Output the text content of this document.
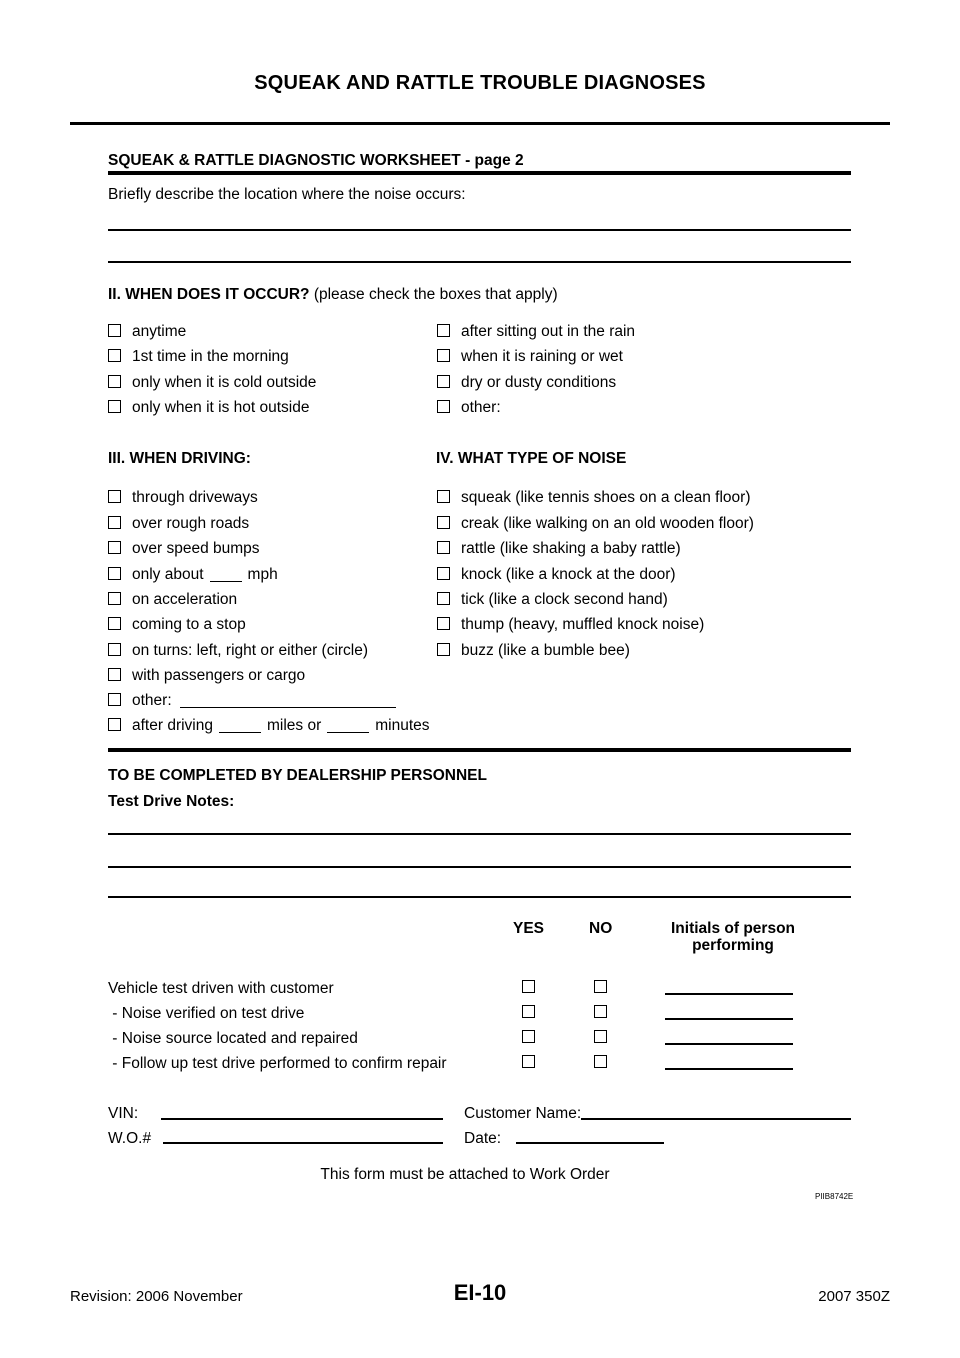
SQUEAK AND RATTLE TROUBLE DIAGNOSES
SQUEAK & RATTLE DIAGNOSTIC WORKSHEET - page 2
Briefly describe the location where the noise occurs:
II. WHEN DOES IT OCCUR? (please check the boxes that apply)
anytime
1st time in the morning
only when it is cold outside
only when it is hot outside
after sitting out in the rain
when it is raining or wet
dry or dusty conditions
other:
III. WHEN DRIVING:	IV. WHAT TYPE OF NOISE
through driveways
over rough roads
over speed bumps
only about	mph
on acceleration
coming to a stop
on turns: left, right or either (circle)
with passengers or cargo
other:
after driving	miles or	minutes
squeak (like tennis shoes on a clean floor)
creak (like walking on an old wooden floor)
rattle (like shaking a baby rattle)
knock (like a knock at the door)
tick (like a clock second hand)
thump (heavy, muffled knock noise)
buzz (like a bumble bee)
TO BE COMPLETED BY DEALERSHIP PERSONNEL
Test Drive Notes:
YES	NO	Initials of person
performing
Vehicle test driven with customer
- Noise verified on test drive
- Noise source located and repaired
- Follow up test drive performed to confirm repair
VIN:	Customer Name:
W.O.#	Date:
This form must be attached to Work Order
PIIB8742E
Revision: 2006 November	EI-10	2007 350Z
